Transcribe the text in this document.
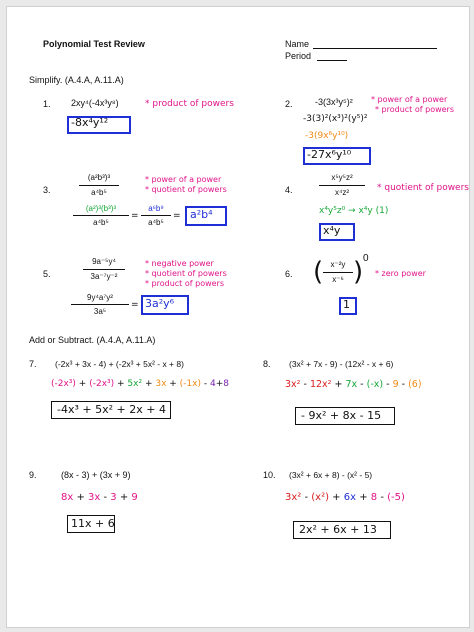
Polynomial Test Review	Name
Period
Simplify. (A.4.A, A.11.A)
1. 2xy⁴(-4x³y⁸)	* product of powers
-8x⁴y¹²
2. -3(3x³y⁵)² * power of a power
* product of powers
-3(3)²(x³)²(y⁵)²
-3(9x⁶y¹⁰)
-27x⁶y¹⁰
3.
(a²b³)³
a⁴b⁵
* power of a power
* quotient of powers
(a²)³(b³)³
a⁴b⁵
=
a⁶b⁹
a⁴b⁵
= a²b⁴
4.
x⁵y⁵z²
x⁴z²	* quotient of powers
x⁴y⁵z⁰ → x⁴y (1)
x⁴y
5.
9a⁻⁵y⁴
3a⁻⁷y⁻²
* negative power
* quotient of powers
* product of powers
9y⁴a⁷y²
3a⁵
= 3a²y⁶
6. ( x⁻²y
x⁻⁶ ) 0
* zero power
1
Add or Subtract. (A.4.A, A.11.A)
7. (-2x³ + 3x - 4) + (-2x³ + 5x² - x + 8)
(-2x³) + (-2x³) + 5x² + 3x + (-1x) - 4+8
-4x³ + 5x² + 2x + 4
8. (3x² + 7x - 9) - (12x² - x + 6)
3x² - 12x² + 7x - (-x) - 9 - (6)
- 9x² + 8x - 15
9.	(8x - 3) + (3x + 9)
8x + 3x - 3 + 9
11x + 6
10. (3x² + 6x + 8) - (x² - 5)
3x² - (x²) + 6x + 8 - (-5)
2x² + 6x + 13
